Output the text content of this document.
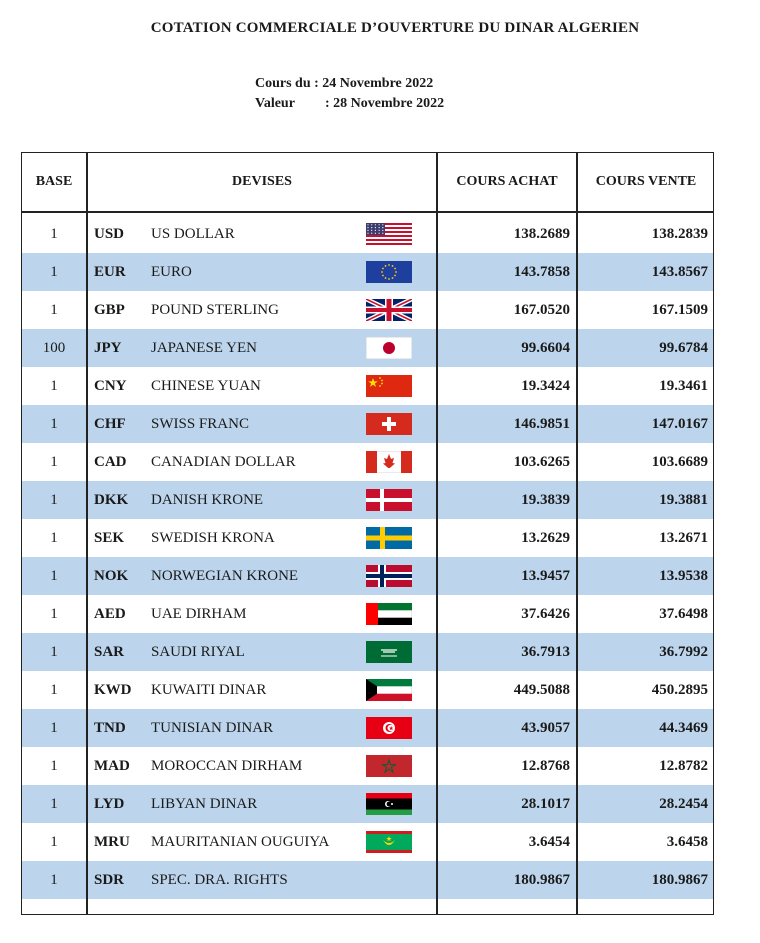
COTATION COMMERCIALE D’OUVERTURE DU DINAR ALGERIEN
Cours du : 24 Novembre 2022
Valeur	: 28 Novembre 2022
BASE	DEVISES	COURS ACHAT	COURS VENTE
1	USD	US DOLLAR	138.2689	138.2839
1	EUR	EURO	143.7858	143.8567
1	GBP	POUND STERLING	167.0520	167.1509
100	JPY	JAPANESE YEN	99.6604	99.6784
1	CNY	CHINESE YUAN	19.3424	19.3461
1	CHF	SWISS FRANC	146.9851	147.0167
1	CAD	CANADIAN DOLLAR	103.6265	103.6689
1	DKK	DANISH KRONE	19.3839	19.3881
1	SEK	SWEDISH KRONA	13.2629	13.2671
1	NOK	NORWEGIAN KRONE	13.9457	13.9538
1	AED	UAE DIRHAM	37.6426	37.6498
1	SAR	SAUDI RIYAL	36.7913	36.7992
1	KWD	KUWAITI DINAR	449.5088	450.2895
1	TND	TUNISIAN DINAR	43.9057	44.3469
1	MAD	MOROCCAN DIRHAM	12.8768	12.8782
1	LYD	LIBYAN DINAR	28.1017	28.2454
1	MRU	MAURITANIAN OUGUIYA	3.6454	3.6458
1	SDR	SPEC. DRA. RIGHTS	180.9867	180.9867
